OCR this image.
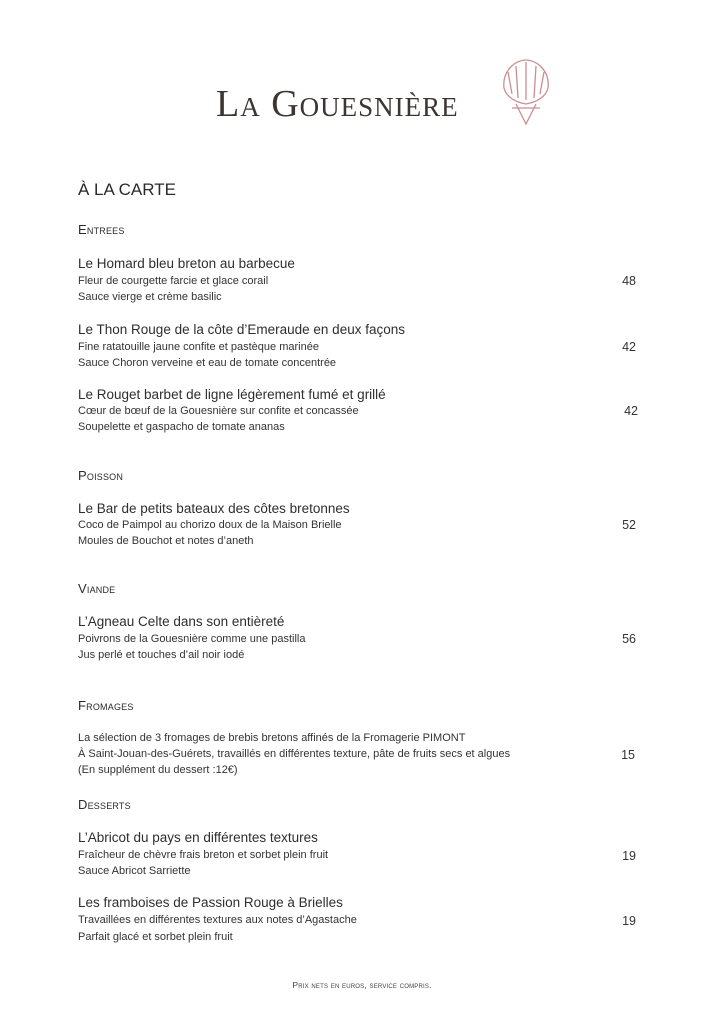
La Gouesnière
À LA CARTE
Entrees
Le Homard bleu breton au barbecue
Fleur de courgette farcie et glace corail
Sauce vierge et crème basilic
48
Le Thon Rouge de la côte d’Emeraude en deux façons
Fine ratatouille jaune confite et pastèque marinée
Sauce Choron verveine et eau de tomate concentrée
42
Le Rouget barbet de ligne légèrement fumé et grillé
Cœur de bœuf de la Gouesnière sur confite et concassée
Soupelette et gaspacho de tomate ananas
42
Poisson
Le Bar de petits bateaux des côtes bretonnes
Coco de Paimpol au chorizo doux de la Maison Brielle
Moules de Bouchot et notes d’aneth
52
Viande
L’Agneau Celte dans son entièreté
Poivrons de la Gouesnière comme une pastilla
Jus perlé et touches d’ail noir iodé
56
Fromages
La sélection de 3 fromages de brebis bretons affinés de la Fromagerie PIMONT
À Saint-Jouan-des-Guérets, travaillés en différentes texture, pâte de fruits secs et algues
(En supplément du dessert :12€)
15
Desserts
L’Abricot du pays en différentes textures
Fraîcheur de chèvre frais breton et sorbet plein fruit
Sauce Abricot Sarriette
19
Les framboises de Passion Rouge à Brielles
Travaillées en différentes textures aux notes d’Agastache
Parfait glacé et sorbet plein fruit
19
Prix nets en euros, service compris.
